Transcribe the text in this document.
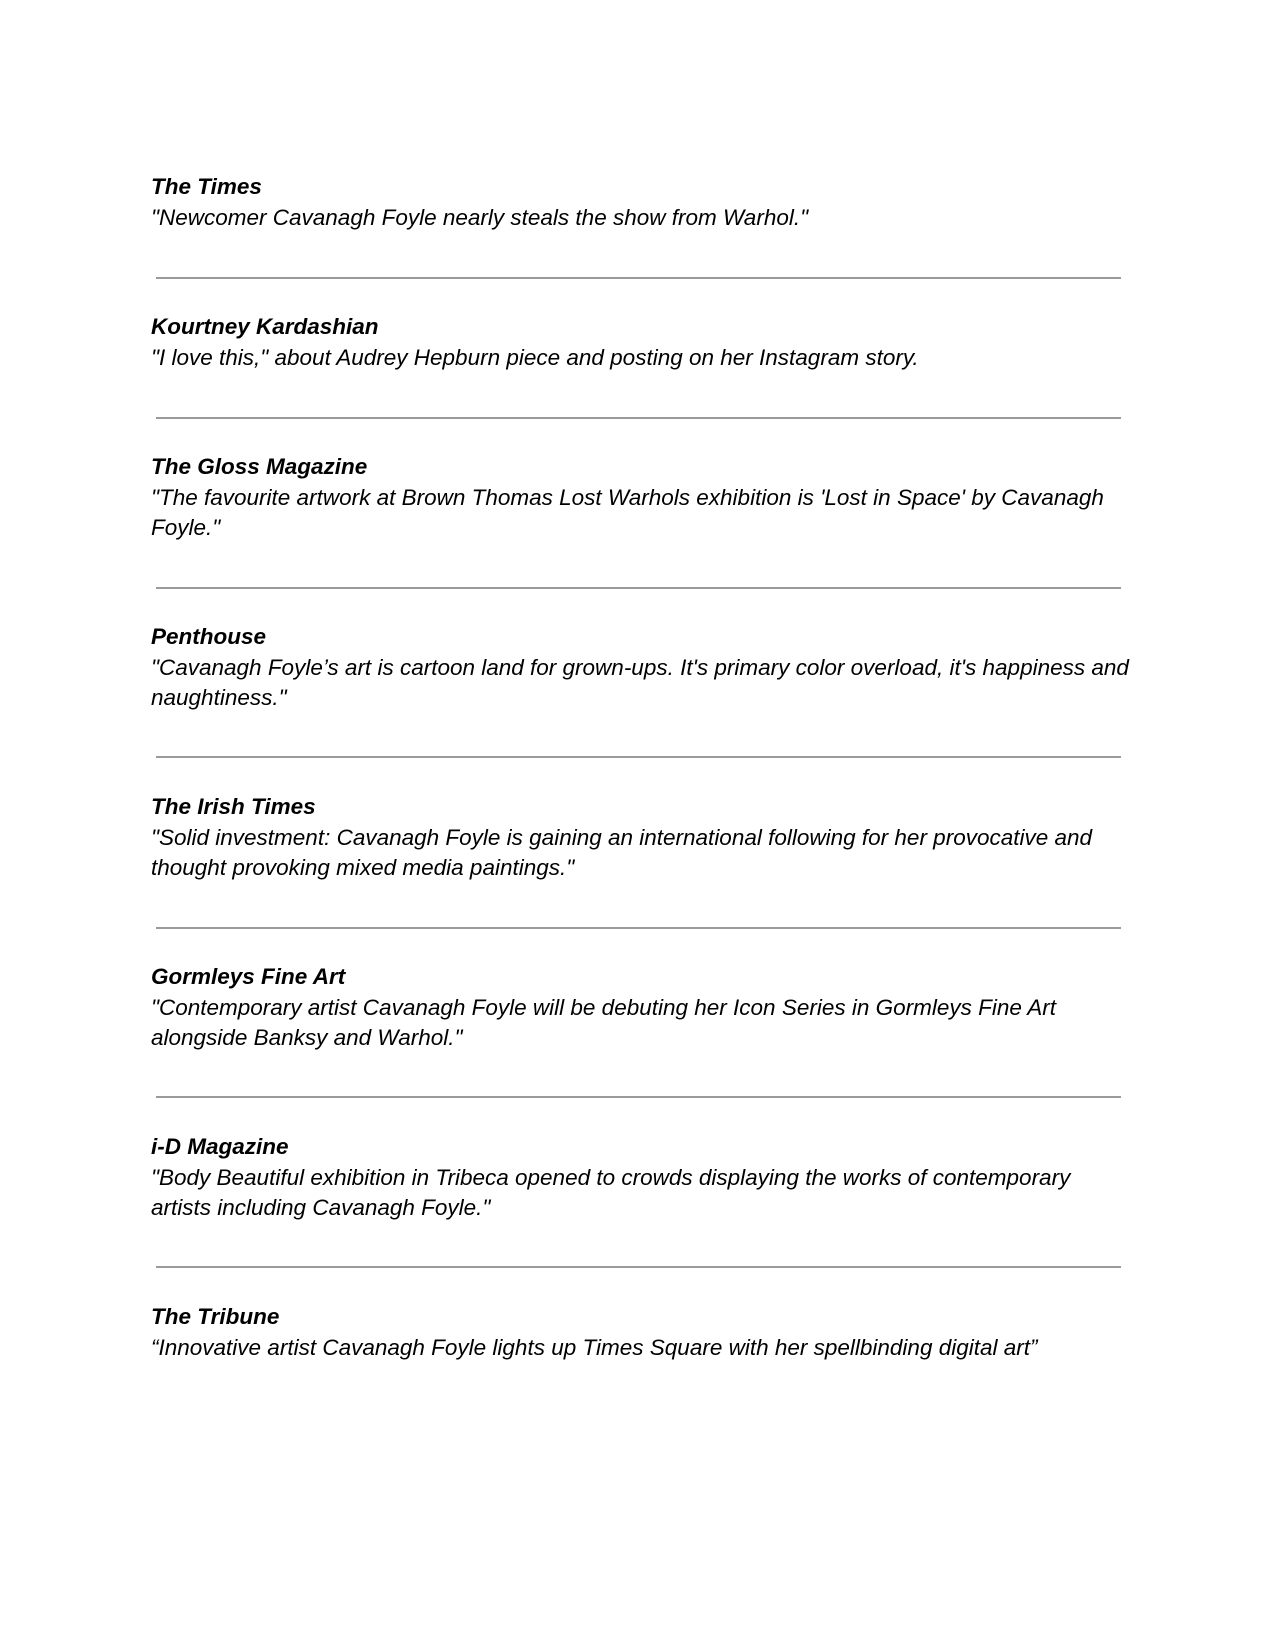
The Times
"Newcomer Cavanagh Foyle nearly steals the show from Warhol."
Kourtney Kardashian
"I love this," about Audrey Hepburn piece and posting on her Instagram story.
The Gloss Magazine
"The favourite artwork at Brown Thomas Lost Warhols exhibition is 'Lost in Space' by Cavanagh Foyle."
Penthouse
"Cavanagh Foyle’s art is cartoon land for grown-ups. It's primary color overload, it's happiness and naughtiness."
The Irish Times
"Solid investment: Cavanagh Foyle is gaining an international following for her provocative and thought provoking mixed media paintings."
Gormleys Fine Art
"Contemporary artist Cavanagh Foyle will be debuting her Icon Series in Gormleys Fine Art alongside Banksy and Warhol."
i-D Magazine
"Body Beautiful exhibition in Tribeca opened to crowds displaying the works of contemporary artists including Cavanagh Foyle."
The Tribune
“Innovative artist Cavanagh Foyle lights up Times Square with her spellbinding digital art”
